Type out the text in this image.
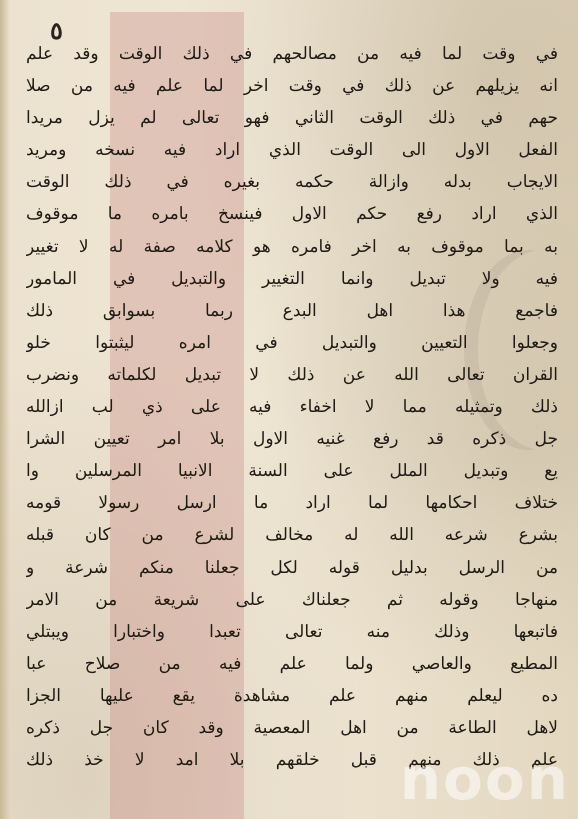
٥
في وقت لما فيه من مصالحهم في ذلك الوقت وقد علم
انه يزيلهم عن ذلك في وقت اخر لما علم فيه من صلا
حهم في ذلك الوقت الثاني فهو تعالى لم يزل مريدا
الفعل الاول الى الوقت الذي اراد فيه نسخه ومريد
الايجاب بدله وازالة حكمه بغيره في ذلك الوقت
الذي اراد رفع حكم الاول فينسخ بامره ما موقوف
به بما موقوف به اخر فامره هو كلامه صفة له لا تغيير
فيه ولا تبديل وانما التغيير والتبديل في المامور
فاجمع هذا اهل البدع ربما بسوابق ذلك
وجعلوا التعيين والتبديل في امره ليثبتوا خلو
القران تعالى الله عن ذلك لا تبديل لكلماته ونضرب
ذلك وتمثيله مما لا اخفاء فيه على ذي لب ازالله
جل ذكره قد رفع غنيه الاول بلا امر تعيين الشرا
يع وتبديل الملل على السنة الانبيا المرسلين وا
ختلاف احكامها لما اراد ما ارسل رسولا قومه
بشرع شرعه الله له مخالف لشرع من كان قبله
من الرسل بدليل قوله لكل جعلنا منكم شرعة و
منهاجا وقوله ثم جعلناك على شريعة من الامر
فاتبعها وذلك منه تعالى تعبدا واختبارا ويبتلي
المطيع والعاصي ولما علم فيه من صلاح عبا
ده ليعلم منهم علم مشاهدة يقع عليها الجزا
لاهل الطاعة من اهل المعصية وقد كان جل ذكره
علم ذلك منهم قبل خلقهم بلا امد لا خذ ذلك
noon
